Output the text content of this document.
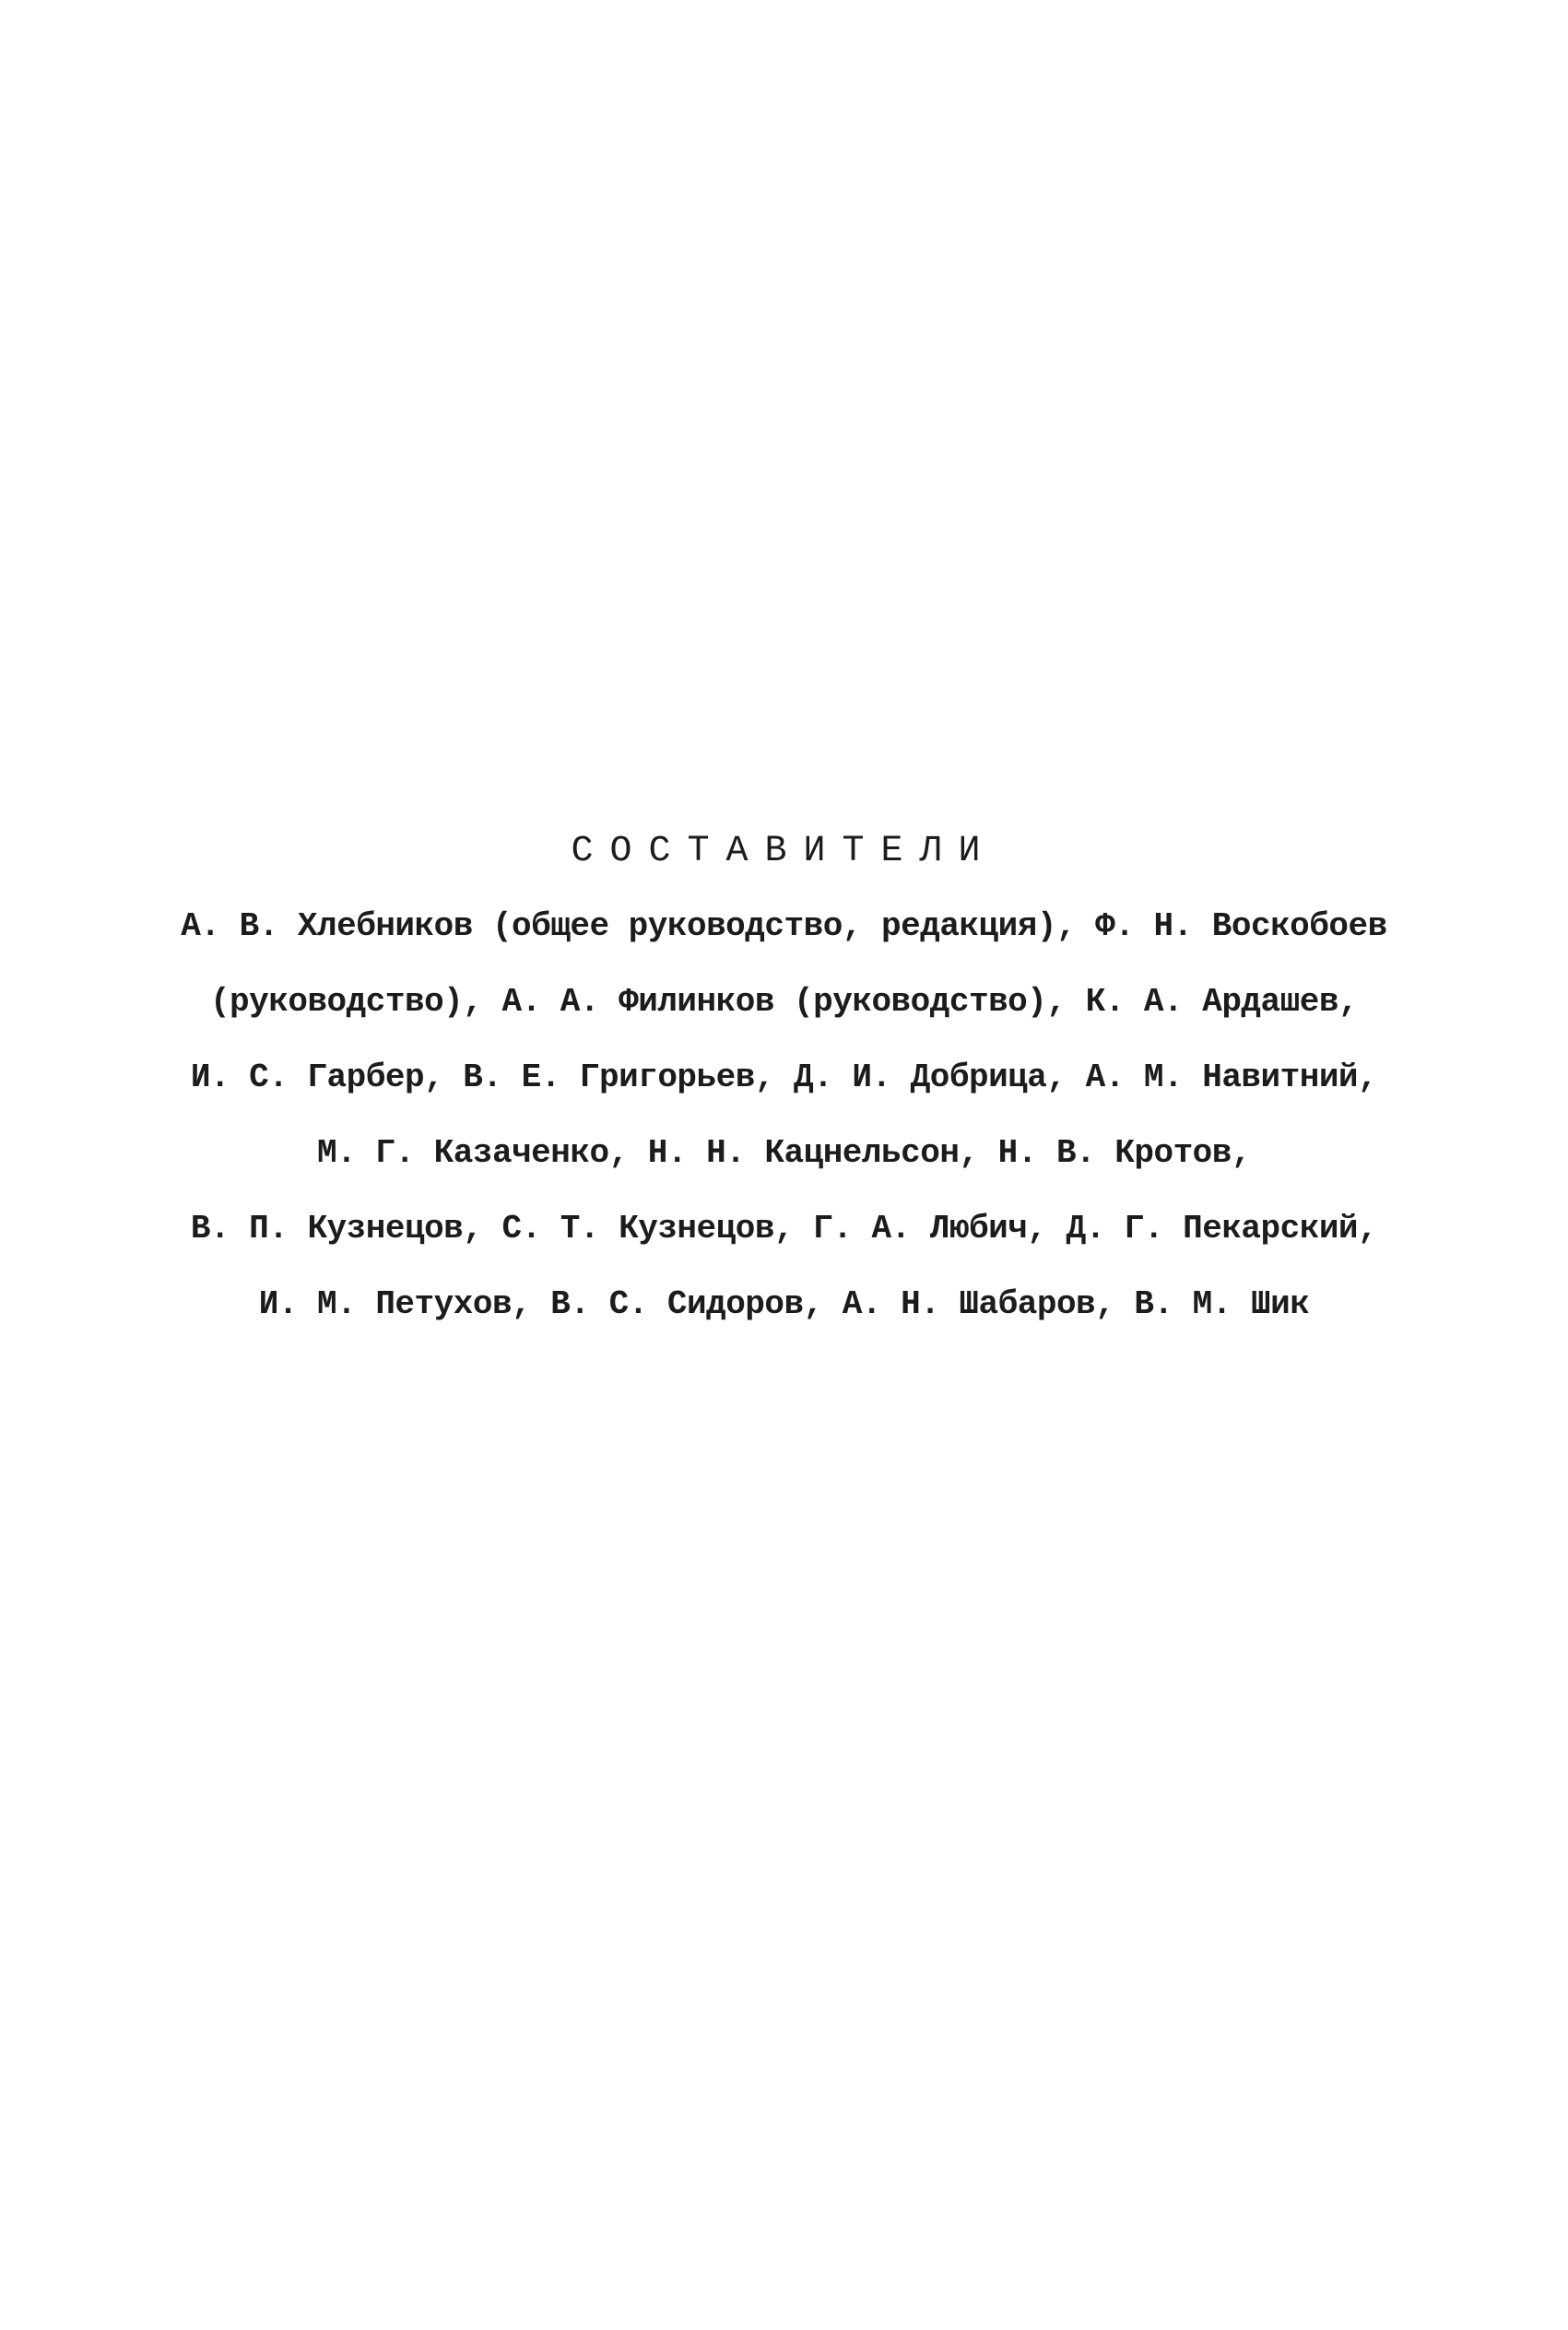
СОСТАВИТЕЛИ
А. В. Хлебников (общее руководство, редакция), Ф. Н. Воскобоев
(руководство), А. А. Филинков (руководство), К. А. Ардашев,
И. С. Гарбер, В. Е. Григорьев, Д. И. Добрица, А. М. Навитний,
М. Г. Казаченко, Н. Н. Кацнельсон, Н. В. Кротов,
В. П. Кузнецов, С. Т. Кузнецов, Г. А. Любич, Д. Г. Пекарский,
И. М. Петухов, В. С. Сидоров, А. Н. Шабаров, В. М. Шик
